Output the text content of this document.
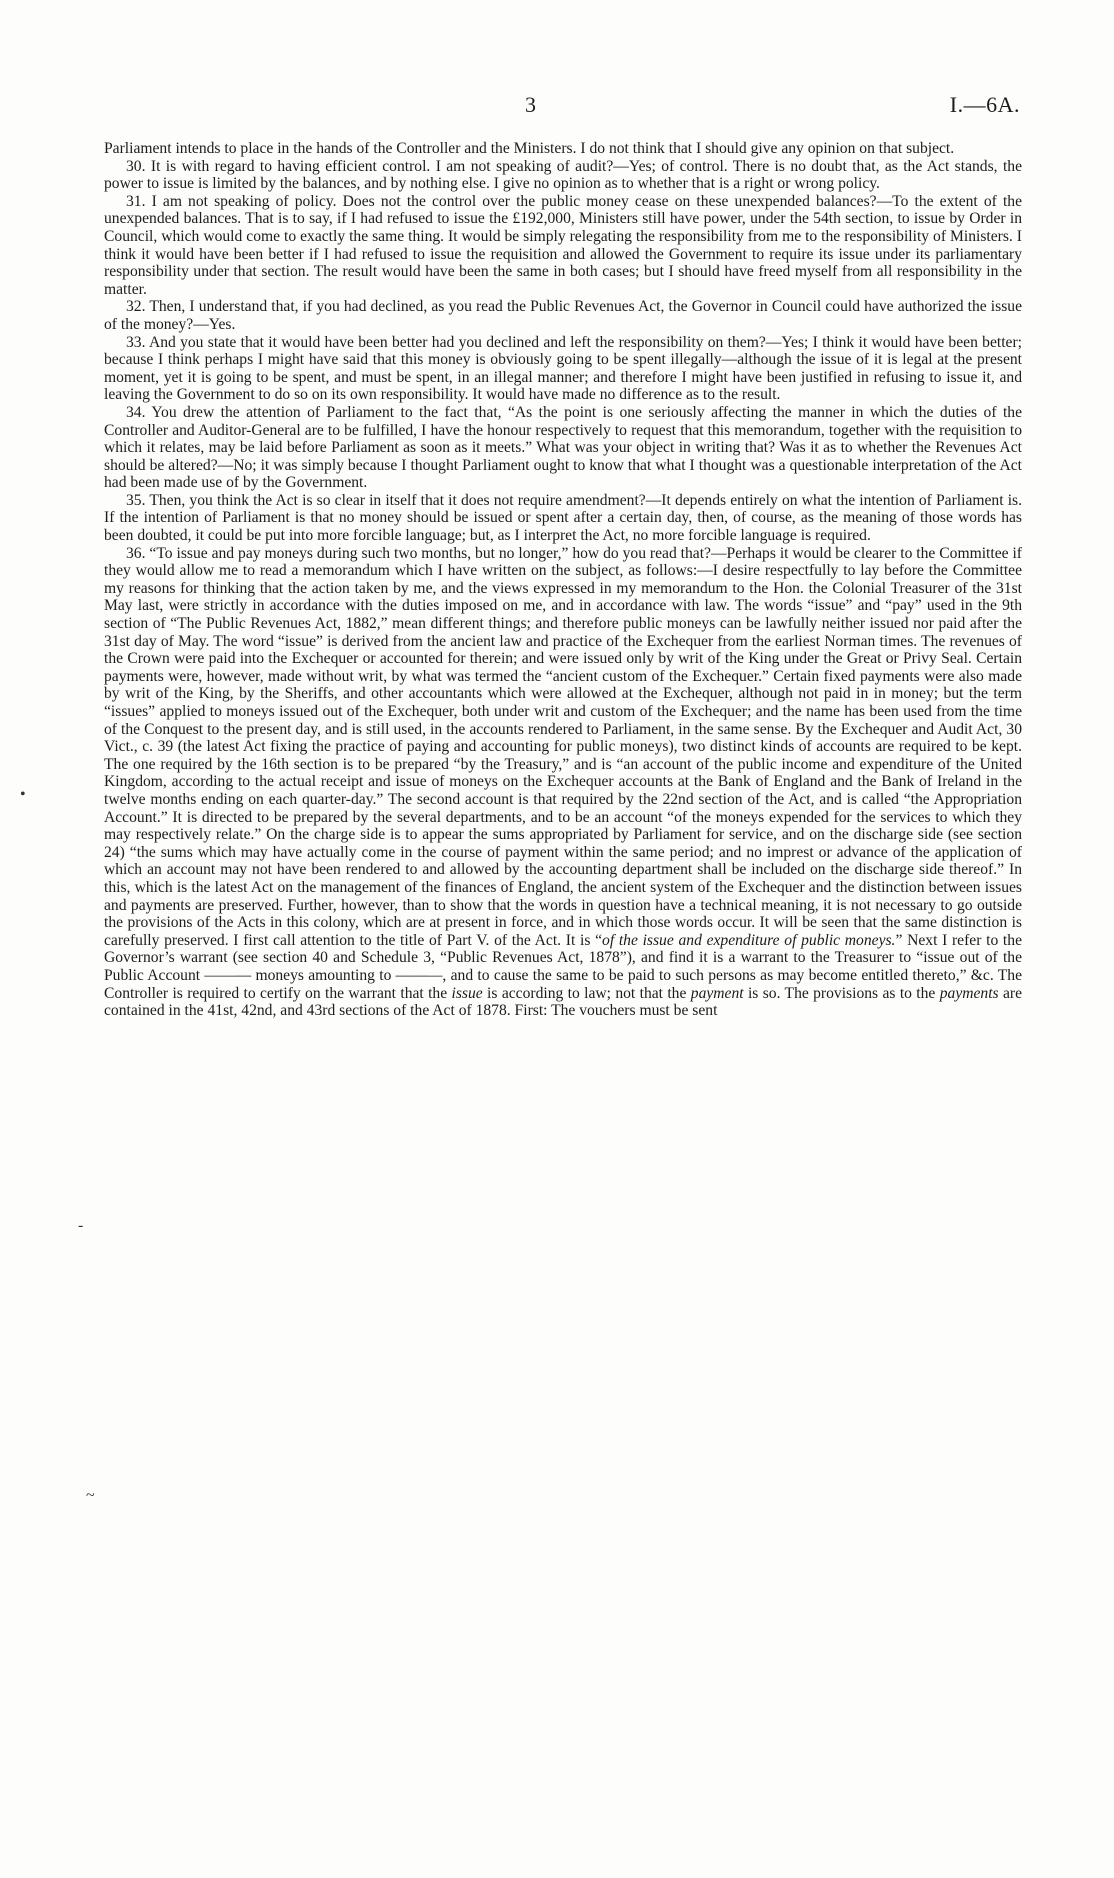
3	I.—6A.

Parliament intends to place in the hands of the Controller and the Ministers. I do not think that I should give any opinion on that subject.

30. It is with regard to having efficient control. I am not speaking of audit?—Yes; of control. There is no doubt that, as the Act stands, the power to issue is limited by the balances, and by nothing else. I give no opinion as to whether that is a right or wrong policy.

31. I am not speaking of policy. Does not the control over the public money cease on these unexpended balances?—To the extent of the unexpended balances. That is to say, if I had refused to issue the £192,000, Ministers still have power, under the 54th section, to issue by Order in Council, which would come to exactly the same thing. It would be simply relegating the responsibility from me to the responsibility of Ministers. I think it would have been better if I had refused to issue the requisition and allowed the Government to require its issue under its parliamentary responsibility under that section. The result would have been the same in both cases; but I should have freed myself from all responsibility in the matter.

32. Then, I understand that, if you had declined, as you read the Public Revenues Act, the Governor in Council could have authorized the issue of the money?—Yes.

33. And you state that it would have been better had you declined and left the responsibility on them?—Yes; I think it would have been better; because I think perhaps I might have said that this money is obviously going to be spent illegally—although the issue of it is legal at the present moment, yet it is going to be spent, and must be spent, in an illegal manner; and therefore I might have been justified in refusing to issue it, and leaving the Government to do so on its own responsibility. It would have made no difference as to the result.

34. You drew the attention of Parliament to the fact that, “As the point is one seriously affecting the manner in which the duties of the Controller and Auditor-General are to be fulfilled, I have the honour respectively to request that this memorandum, together with the requisition to which it relates, may be laid before Parliament as soon as it meets.” What was your object in writing that? Was it as to whether the Revenues Act should be altered?—No; it was simply because I thought Parliament ought to know that what I thought was a questionable interpretation of the Act had been made use of by the Government.

35. Then, you think the Act is so clear in itself that it does not require amendment?—It depends entirely on what the intention of Parliament is. If the intention of Parliament is that no money should be issued or spent after a certain day, then, of course, as the meaning of those words has been doubted, it could be put into more forcible language; but, as I interpret the Act, no more forcible language is required.

36. “To issue and pay moneys during such two months, but no longer,” how do you read that?—Perhaps it would be clearer to the Committee if they would allow me to read a memorandum which I have written on the subject, as follows:—I desire respectfully to lay before the Committee my reasons for thinking that the action taken by me, and the views expressed in my memorandum to the Hon. the Colonial Treasurer of the 31st May last, were strictly in accordance with the duties imposed on me, and in accordance with law. The words “issue” and “pay” used in the 9th section of “The Public Revenues Act, 1882,” mean different things; and therefore public moneys can be lawfully neither issued nor paid after the 31st day of May. The word “issue” is derived from the ancient law and practice of the Exchequer from the earliest Norman times. The revenues of the Crown were paid into the Exchequer or accounted for therein; and were issued only by writ of the King under the Great or Privy Seal. Certain payments were, however, made without writ, by what was termed the “ancient custom of the Exchequer.” Certain fixed payments were also made by writ of the King, by the Sheriffs, and other accountants which were allowed at the Exchequer, although not paid in in money; but the term “issues” applied to moneys issued out of the Exchequer, both under writ and custom of the Exchequer; and the name has been used from the time of the Conquest to the present day, and is still used, in the accounts rendered to Parliament, in the same sense. By the Exchequer and Audit Act, 30 Vict., c. 39 (the latest Act fixing the practice of paying and accounting for public moneys), two distinct kinds of accounts are required to be kept. The one required by the 16th section is to be prepared “by the Treasury,” and is “an account of the public income and expenditure of the United Kingdom, according to the actual receipt and issue of moneys on the Exchequer accounts at the Bank of England and the Bank of Ireland in the twelve months ending on each quarter-day.” The second account is that required by the 22nd section of the Act, and is called “the Appropriation Account.” It is directed to be prepared by the several departments, and to be an account “of the moneys expended for the services to which they may respectively relate.” On the charge side is to appear the sums appropriated by Parliament for service, and on the discharge side (see section 24) “the sums which may have actually come in the course of payment within the same period; and no imprest or advance of the application of which an account may not have been rendered to and allowed by the accounting department shall be included on the discharge side thereof.” In this, which is the latest Act on the management of the finances of England, the ancient system of the Exchequer and the distinction between issues and payments are preserved. Further, however, than to show that the words in question have a technical meaning, it is not necessary to go outside the provisions of the Acts in this colony, which are at present in force, and in which those words occur. It will be seen that the same distinction is carefully preserved. I first call attention to the title of Part V. of the Act. It is “of the issue and expenditure of public moneys.” Next I refer to the Governor’s warrant (see section 40 and Schedule 3, “Public Revenues Act, 1878”), and find it is a warrant to the Treasurer to “issue out of the Public Account ——— moneys amounting to ———, and to cause the same to be paid to such persons as may become entitled thereto,” &c. The Controller is required to certify on the warrant that the issue is according to law; not that the payment is so. The provisions as to the payments are contained in the 41st, 42nd, and 43rd sections of the Act of 1878. First: The vouchers must be sent

•
-
~
